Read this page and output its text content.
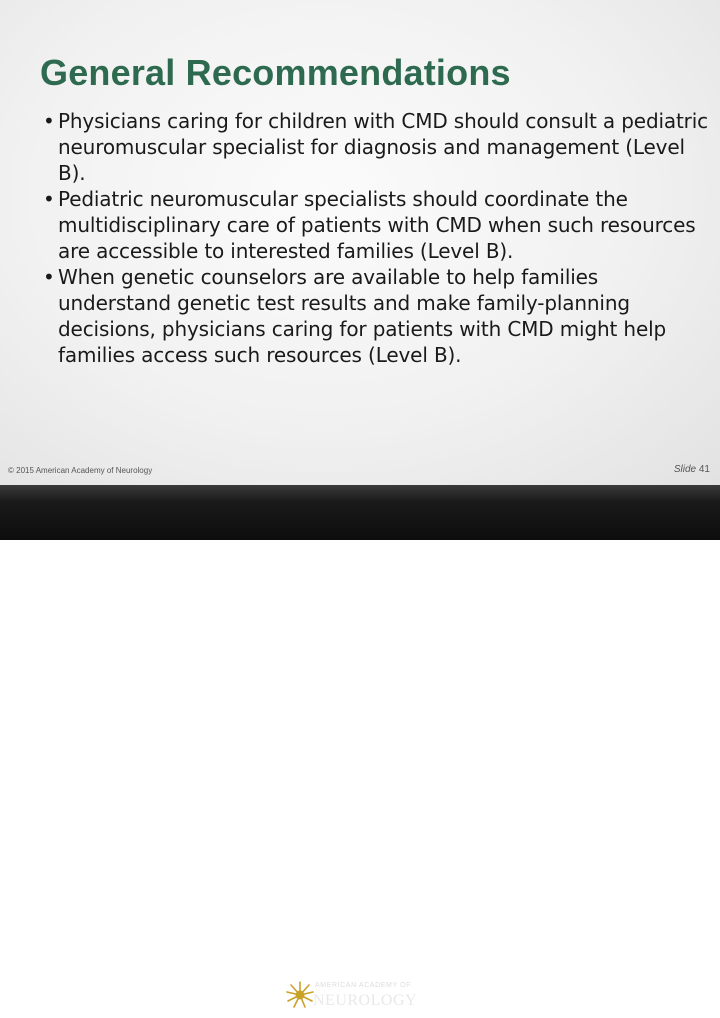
General Recommendations
• Physicians caring for children with CMD should consult a pediatric neuromuscular specialist for diagnosis and management (Level B).
• Pediatric neuromuscular specialists should coordinate the multidisciplinary care of patients with CMD when such resources are accessible to interested families (Level B).
• When genetic counselors are available to help families understand genetic test results and make family-planning decisions, physicians caring for patients with CMD might help families access such resources (Level B).
© 2015 American Academy of Neurology	Slide 41
AMERICAN ACADEMY OF
NEUROLOGY
